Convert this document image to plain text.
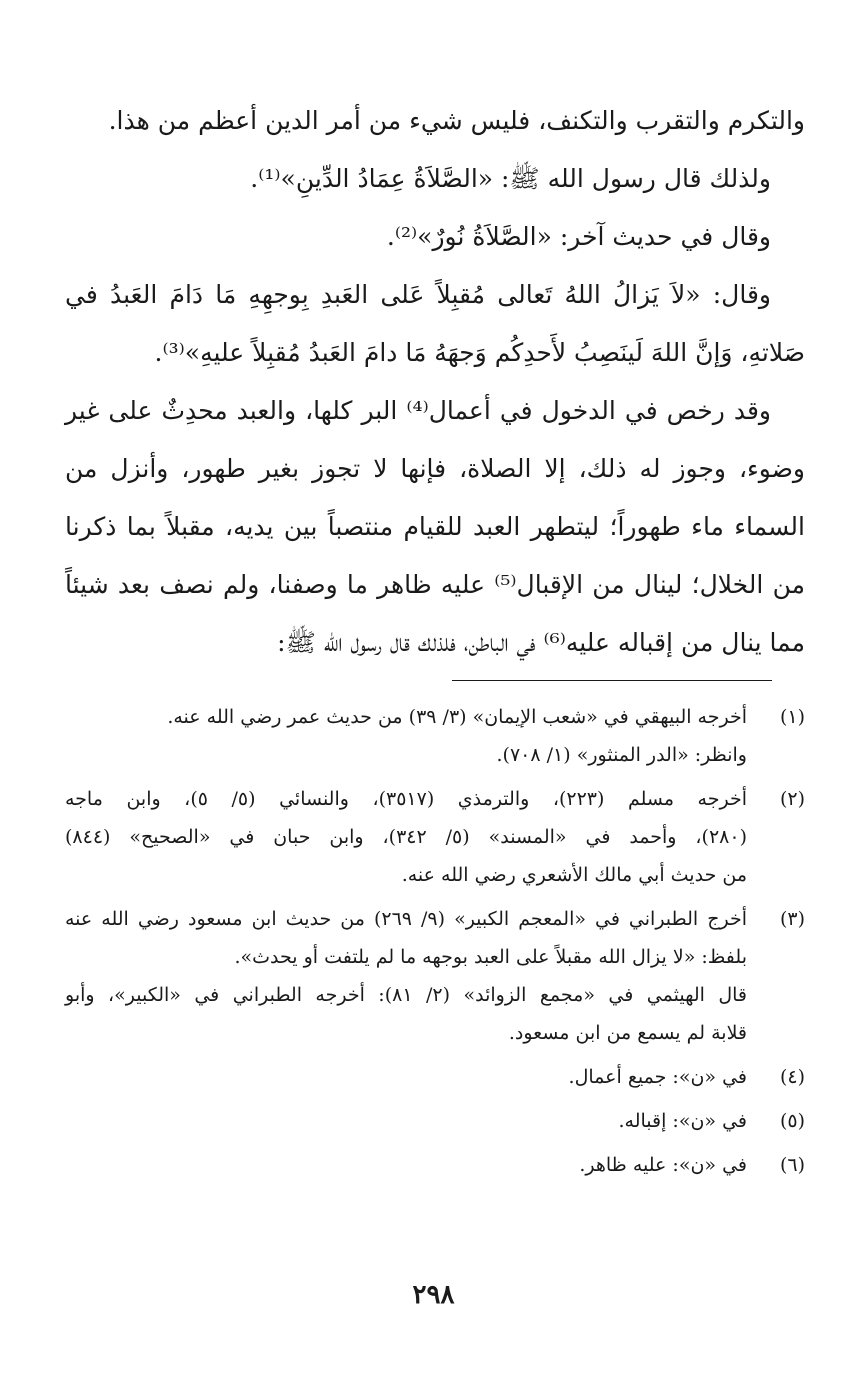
والتكرم والتقرب والتكنف، فليس شيء من أمر الدين أعظم من هذا.

ولذلك قال رسول الله ﷺ: «الصَّلاَةُ عِمَادُ الدِّينِ»⁽¹⁾.

وقال في حديث آخر: «الصَّلاَةُ نُورٌ»⁽²⁾.

وقال: «لاَ يَزالُ اللهُ تَعالى مُقبِلاً عَلى العَبدِ بِوجهِهِ مَا دَامَ العَبدُ في صَلاتهِ، وَإنَّ اللهَ لَينَصِبُ لأَحدِكُم وَجهَهُ مَا دامَ العَبدُ مُقبِلاً عليهِ»⁽³⁾.

وقد رخص في الدخول في أعمال⁽⁴⁾ البر كلها، والعبد محدِثٌ على غير وضوء، وجوز له ذلك، إلا الصلاة، فإنها لا تجوز بغير طهور، وأنزل من السماء ماء طهوراً؛ ليتطهر العبد للقيام منتصباً بين يديه، مقبلاً بما ذكرنا من الخلال؛ لينال من الإقبال⁽⁵⁾ عليه ظاهر ما وصفنا، ولم نصف بعد شيئاً مما ينال من إقباله عليه⁽⁶⁾ في الباطن، فلذلك قال رسول الله ﷺ:

(١)
أخرجه البيهقي في «شعب الإيمان» (٣/ ٣٩) من حديث عمر رضي الله عنه.
وانظر: «الدر المنثور» (١/ ٧٠٨).
(٢)
أخرجه مسلم (٢٢٣)، والترمذي (٣٥١٧)، والنسائي (٥/ ٥)، وابن ماجه
(٢٨٠)، وأحمد في «المسند» (٥/ ٣٤٢)، وابن حبان في «الصحيح» (٨٤٤)
من حديث أبي مالك الأشعري رضي الله عنه.
(٣)
أخرج الطبراني في «المعجم الكبير» (٩/ ٢٦٩) من حديث ابن مسعود رضي الله عنه
بلفظ: «لا يزال الله مقبلاً على العبد بوجهه ما لم يلتفت أو يحدث».
قال الهيثمي في «مجمع الزوائد» (٢/ ٨١): أخرجه الطبراني في «الكبير»، وأبو
قلابة لم يسمع من ابن مسعود.
(٤)
في «ن»: جميع أعمال.
(٥)
في «ن»: إقباله.
(٦)
في «ن»: عليه ظاهر.
٢٩٨
